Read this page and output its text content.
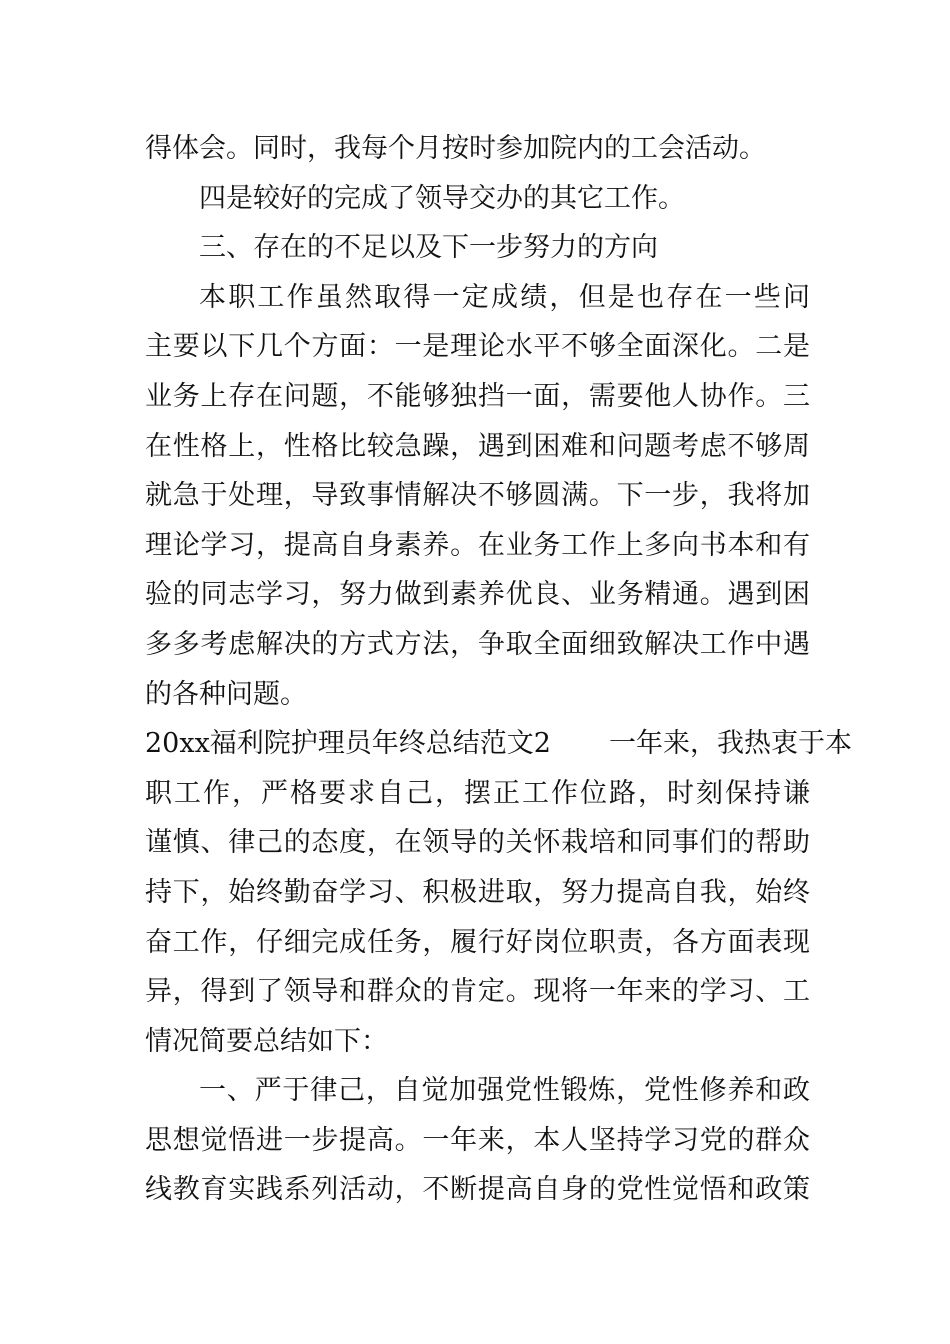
得体会。同时，我每个月按时参加院内的工会活动。
四是较好的完成了领导交办的其它工作。
三、存在的不足以及下一步努力的方向
本职工作虽然取得一定成绩，但是也存在一些问
主要以下几个方面：一是理论水平不够全面深化。二是
业务上存在问题，不能够独挡一面，需要他人协作。三
在性格上，性格比较急躁，遇到困难和问题考虑不够周
就急于处理，导致事情解决不够圆满。下一步，我将加
理论学习，提高自身素养。在业务工作上多向书本和有
验的同志学习，努力做到素养优良、业务精通。遇到困
多多考虑解决的方式方法，争取全面细致解决工作中遇
的各种问题。
20xx福利院护理员年终总结范文2 一年来，我热衷于本
职工作，严格要求自己，摆正工作位路，时刻保持谦
谨慎、律己的态度，在领导的关怀栽培和同事们的帮助
持下，始终勤奋学习、积极进取，努力提高自我，始终
奋工作，仔细完成任务，履行好岗位职责，各方面表现
异，得到了领导和群众的肯定。现将一年来的学习、工
情况简要总结如下：
一、严于律己，自觉加强党性锻炼，党性修养和政
思想觉悟进一步提高。一年来，本人坚持学习党的群众
线教育实践系列活动，不断提高自身的党性觉悟和政策
